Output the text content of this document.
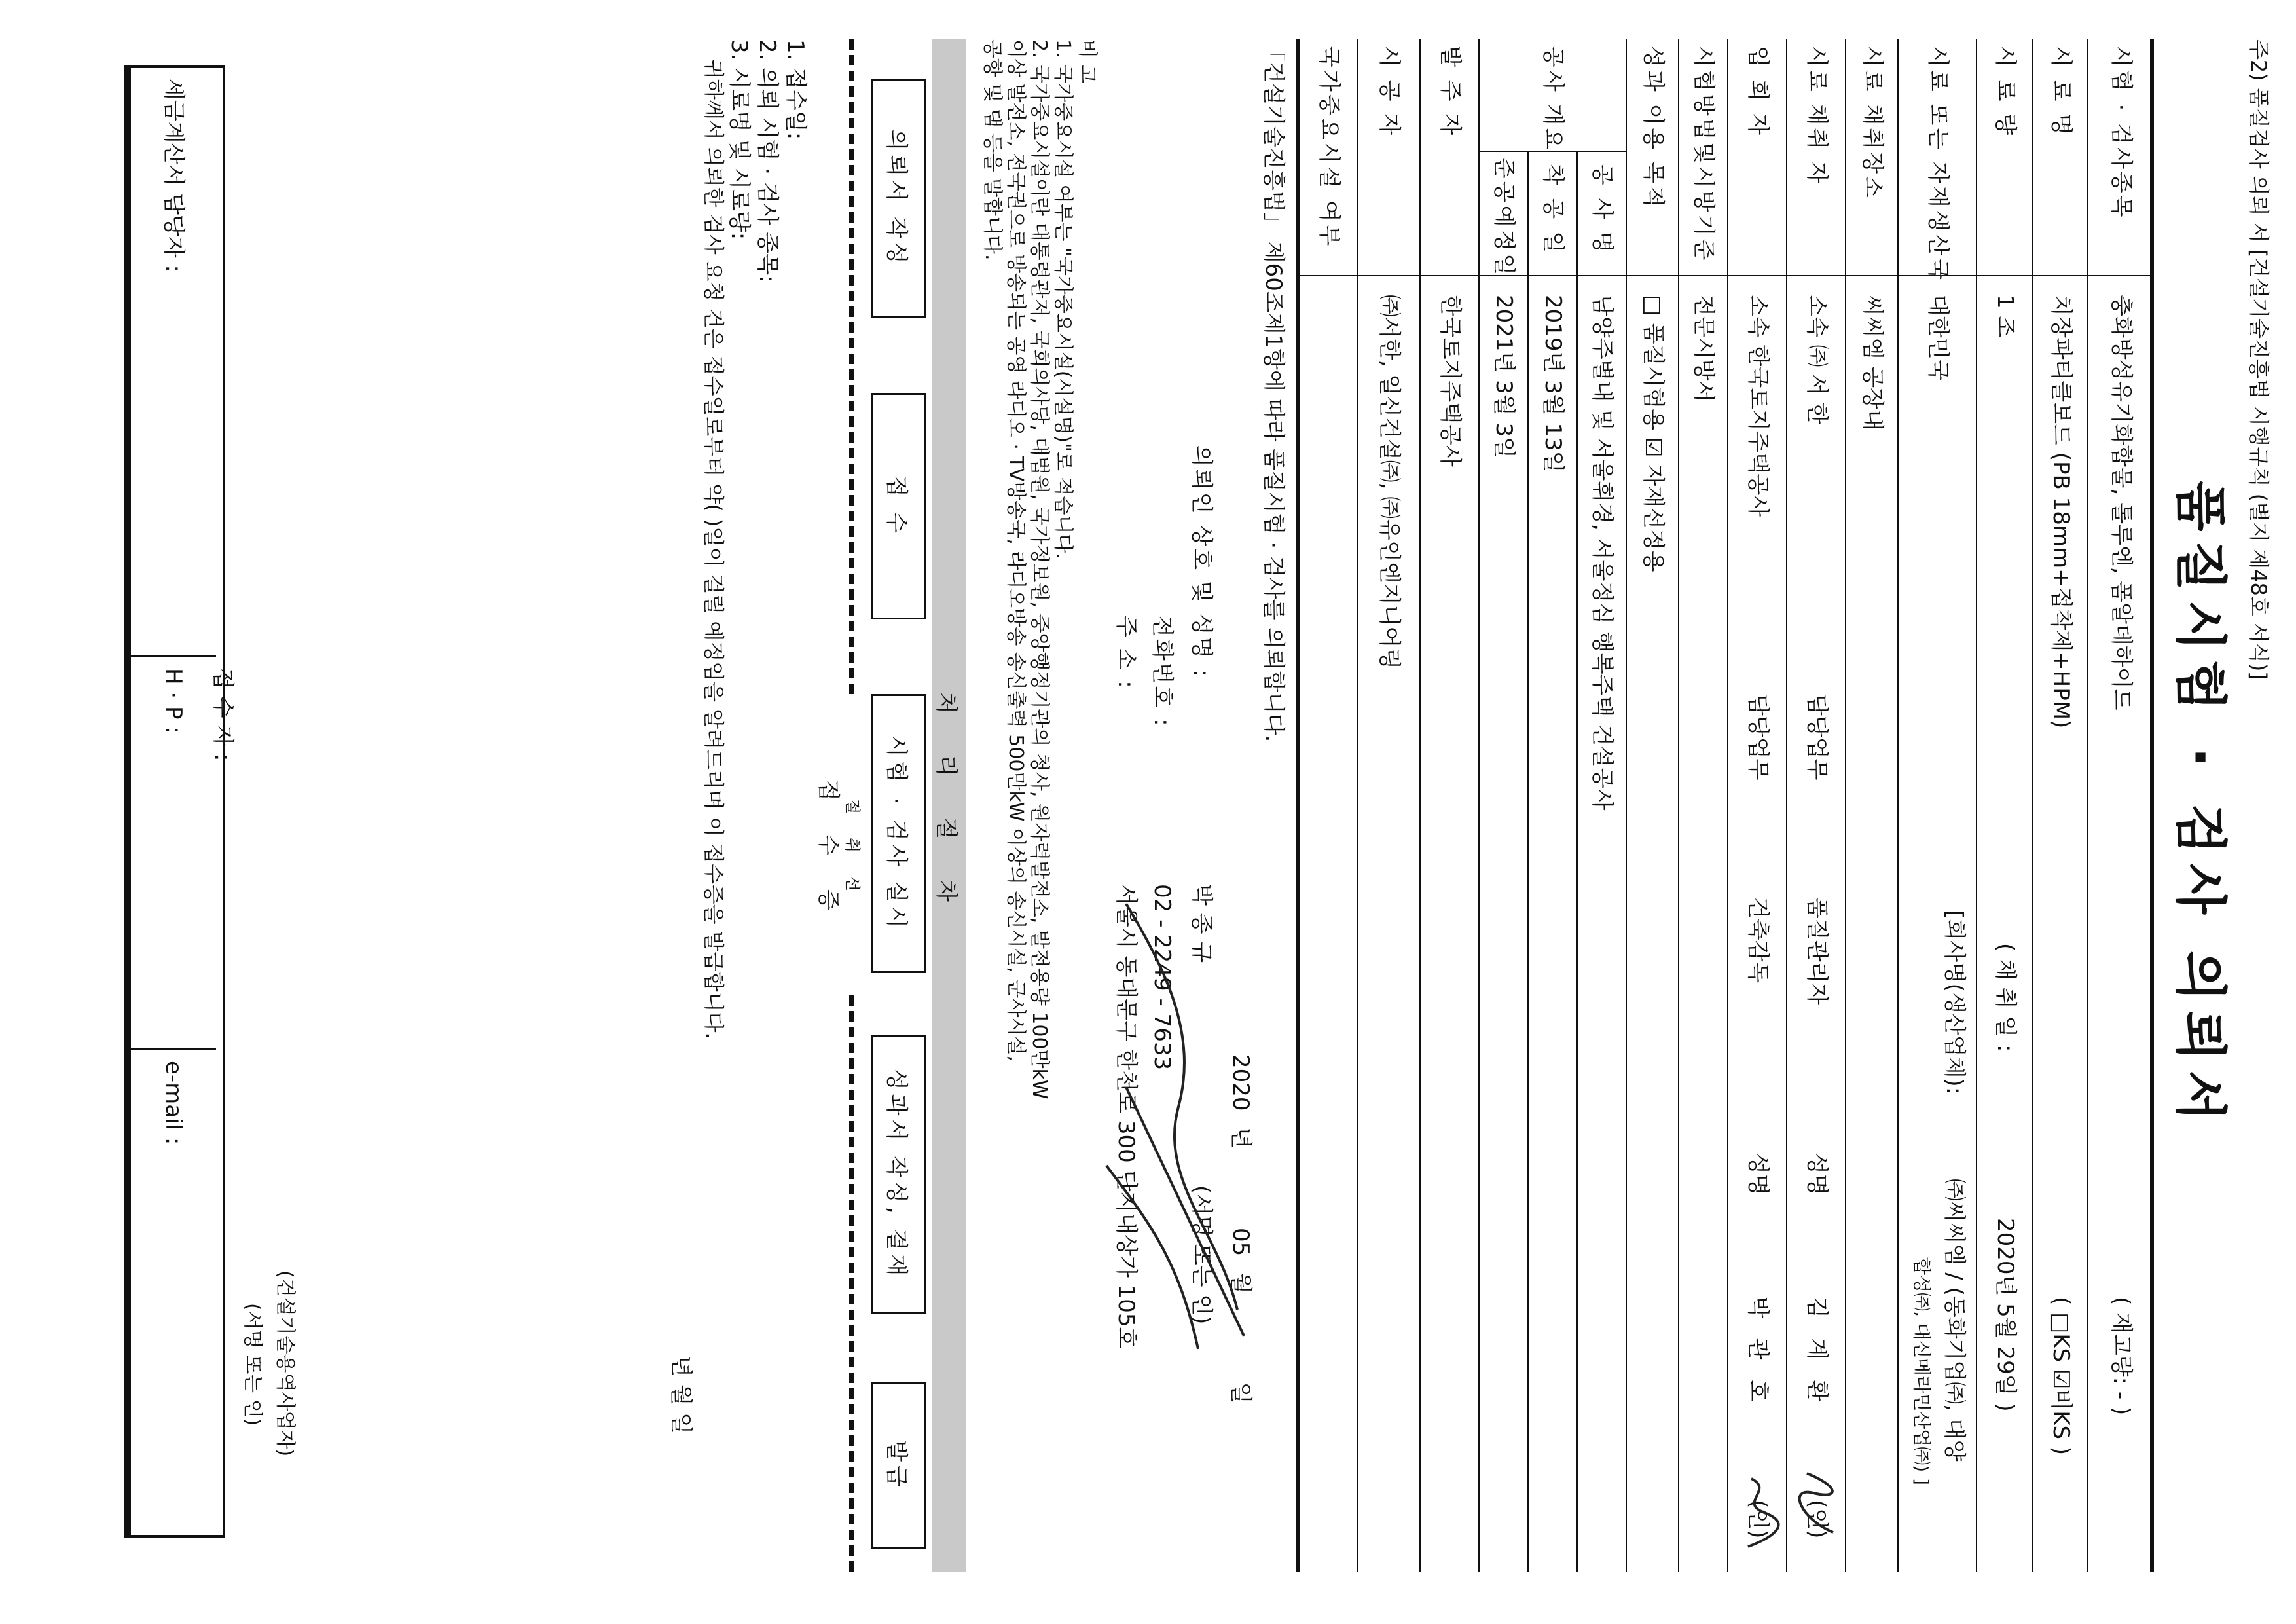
주2) 품질검사 의뢰 서 [건설기술진흥법 시행규칙 (별지 제48호 서식)]
품질시험 · 검사 의뢰서
시험 · 검사종목
충화방성유기화합물, 톨루엔, 폼알데하이드
( 재고량: - )
시 료 명
치장파티클보드 (PB 18mm+접착제+HPM)
( □KS ☑비KS )
시 료 량
1 조
( 채 취 일 :
2020년 5월 29일 )
시료 또는 자재생산국
대한민국
[회사명(생산업체):
㈜씨씨엠 / (동화기업㈜, 대양
합성㈜, 대신메라민산업㈜) ]
시료 채취장소
씨씨엠 공장내
시료 채취 자
소속 ㈜ 서 한
담당업무
품질관리자
성명
김 계 환
(인)
입 회 자
소속 한국토지주택공사
담당업무
건축감독
성명
박 관 호
(인)
시험방법및시방기준
전문시방서
성과 이용 목적
□ 품질시험용 ☑ 자재선정용
공사 개요
공 사 명
남양주별내 및 서울휘경, 서울정심 행복주택 건설공사
착 공 일
2019년 3월 13일
준공예정일
2021년 3월 3일
발 주 자
한국토지주택공사
시 공 자
㈜서한, 일신건설㈜, ㈜유인엔지니어링
국가중요시설 여부
「건설기술진흥법」 제60조제1항에 따라 품질시험 · 검사를 의뢰합니다.
2020 년 05 월 일
의뢰인 상호 및 성명 :
박 종 규
(서명 또는 인)
전화번호 :
02 - 2249 - 7633
주 소 :
서울시 동대문구 한천로 300 단지내상가 105호
비 고
1. 국가중요시설 여부는 "국가중요시설(시설명)"로 적습니다.
2. 국가중요시설이란 대통령관저, 국회의사당, 대법원, 국가정보원, 중앙행정기관의 청사, 원자력발전소, 발전용량 100만kW
이상 발전소, 전국권으로 방송되는 공영 라디오 · TV방송국, 라디오방송 송신출력 500만kW 이상의 송신시설, 군사시설,
공항 및 댐 등을 말합니다.
처 리 절 차
의뢰서 작성
접 수
시험 · 검사 실시
성과서 작성, 결재
발급
절 취 선
접 수 증
1. 접수일:
2. 의뢰 시험 · 검사 종목:
3. 시료명 및 시료량:
귀하께서 의뢰한 검사 요청 건은 접수일로부터 약( )일이 걸릴 예정임을 알려드리며 이 접수증을 발급합니다.
년 월 일
접 수 자 :
(건설기술용역사업자)
(서명 또는 인)
세금계산서 담당자 :
H · P :
e-mail :
